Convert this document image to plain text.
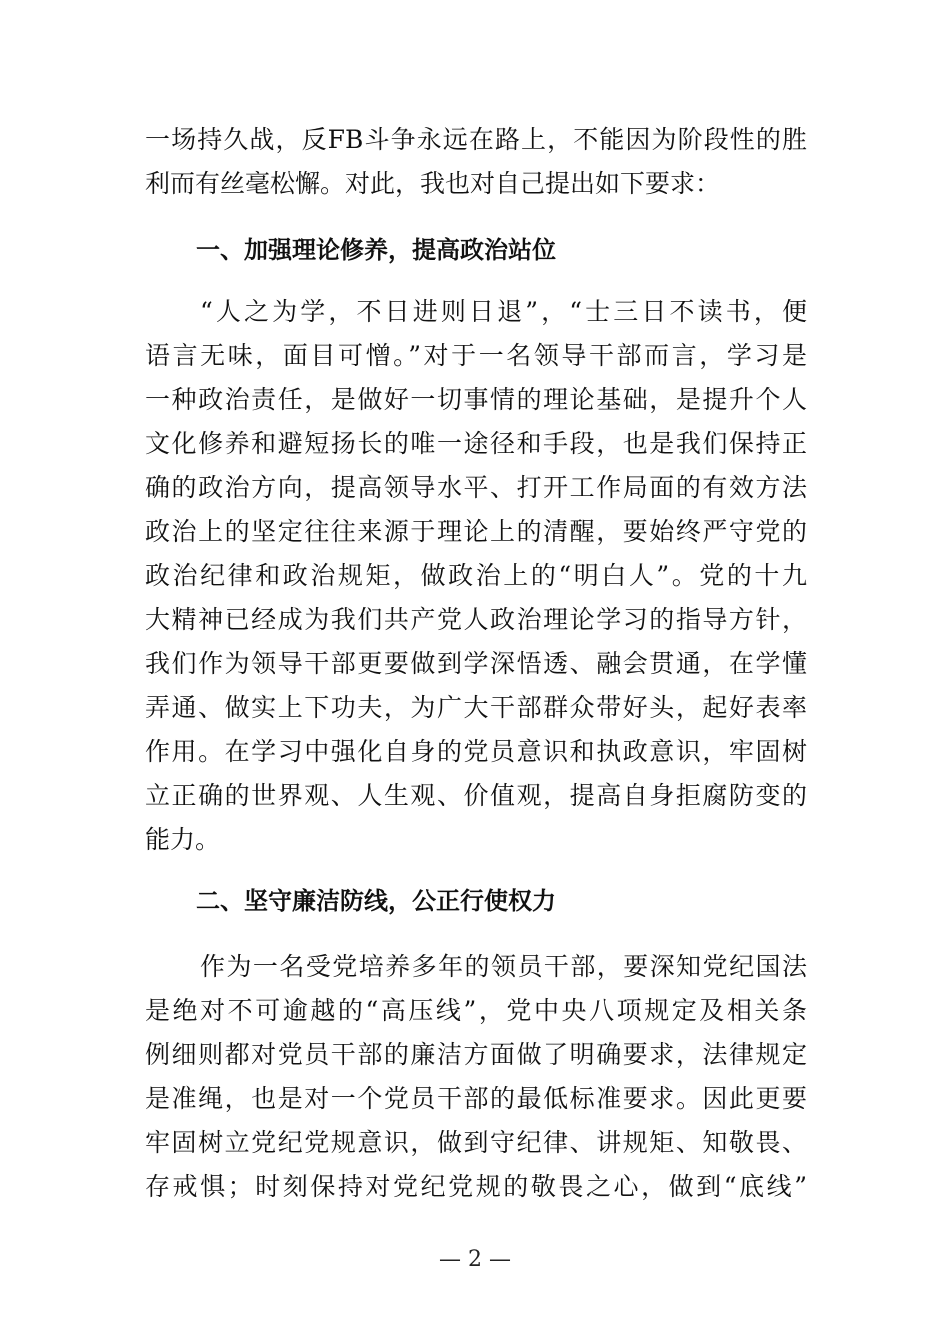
一场持久战，反FB斗争永远在路上，不能因为阶段性的胜
利而有丝毫松懈。对此，我也对自己提出如下要求：
一、加强理论修养，提高政治站位
“人之为学，不日进则日退”，“士三日不读书，便
语言无味，面目可憎。”对于一名领导干部而言，学习是
一种政治责任，是做好一切事情的理论基础，是提升个人
文化修养和避短扬长的唯一途径和手段，也是我们保持正
确的政治方向，提高领导水平、打开工作局面的有效方法
政治上的坚定往往来源于理论上的清醒，要始终严守党的
政治纪律和政治规矩，做政治上的“明白人”。党的十九
大精神已经成为我们共产党人政治理论学习的指导方针，
我们作为领导干部更要做到学深悟透、融会贯通，在学懂
弄通、做实上下功夫，为广大干部群众带好头，起好表率
作用。在学习中强化自身的党员意识和执政意识，牢固树
立正确的世界观、人生观、价值观，提高自身拒腐防变的
能力。
二、坚守廉洁防线，公正行使权力
作为一名受党培养多年的领员干部，要深知党纪国法
是绝对不可逾越的“高压线”，党中央八项规定及相关条
例细则都对党员干部的廉洁方面做了明确要求，法律规定
是准绳，也是对一个党员干部的最低标准要求。因此更要
牢固树立党纪党规意识，做到守纪律、讲规矩、知敬畏、
存戒惧；时刻保持对党纪党规的敬畏之心，做到“底线”
— 2 —
